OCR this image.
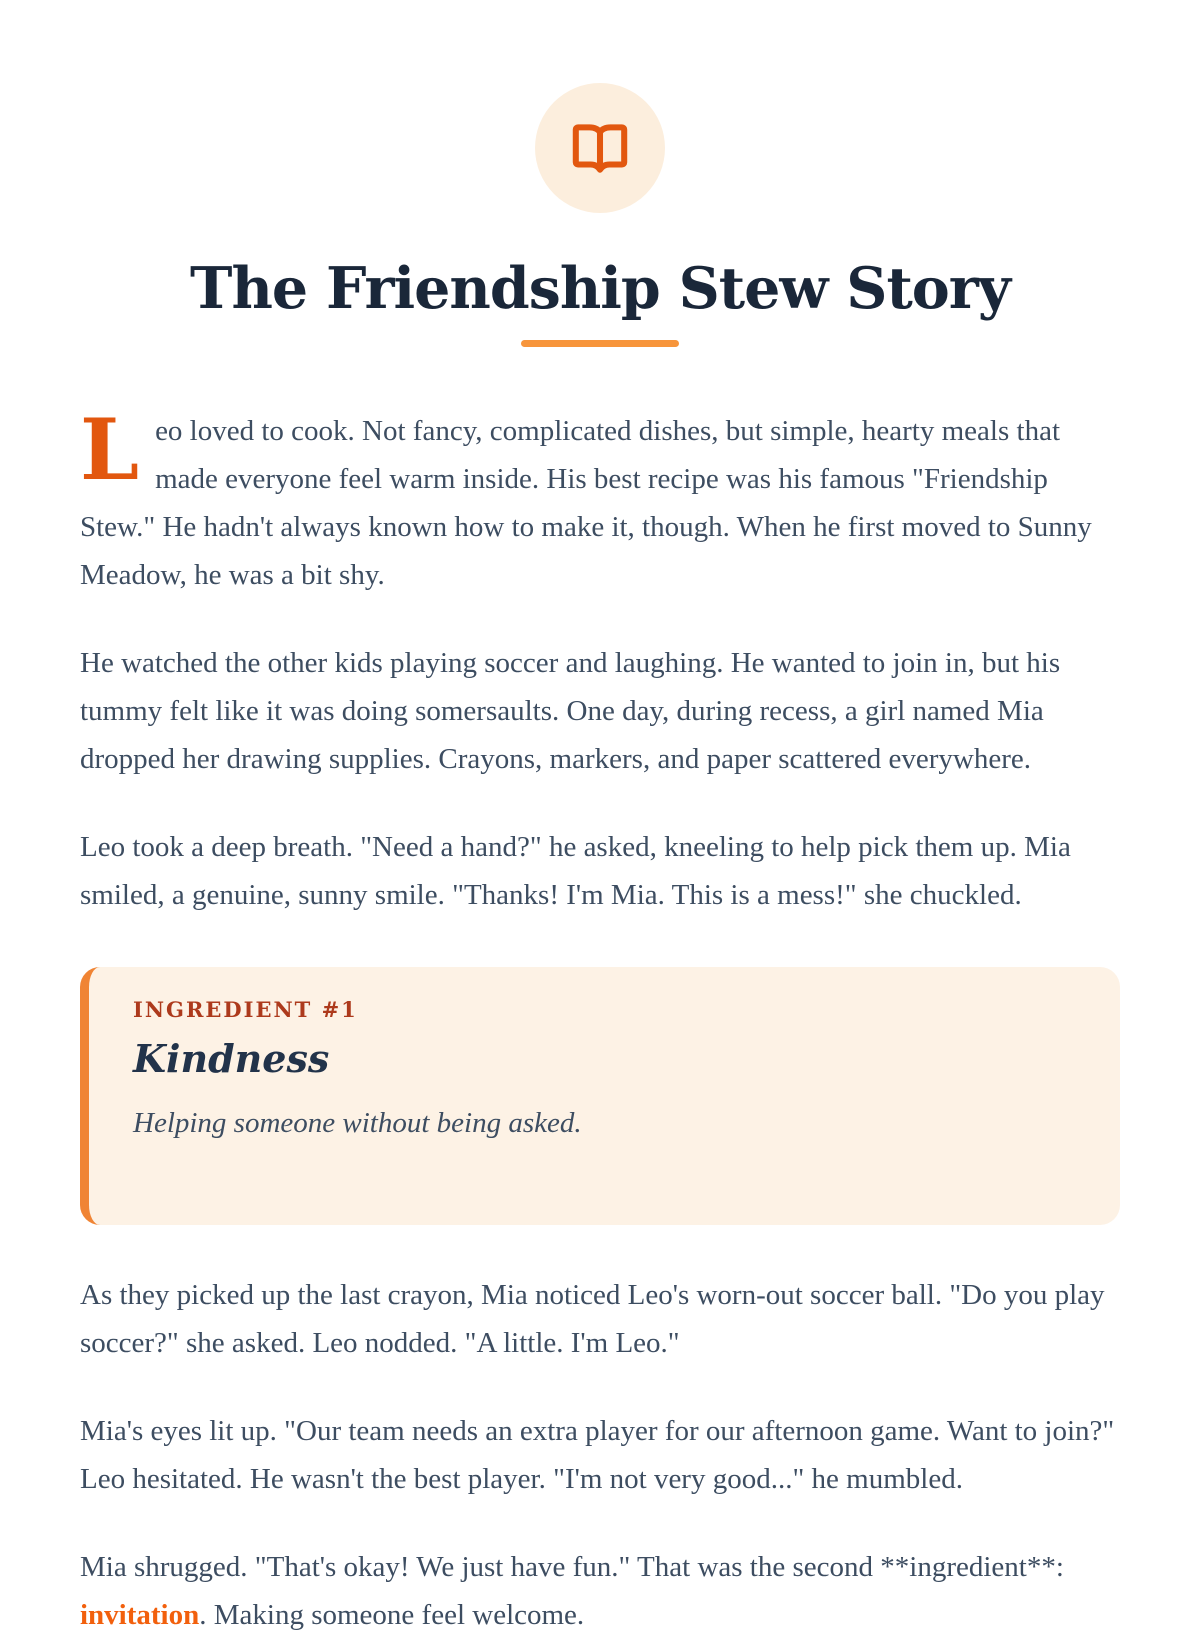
The Friendship Stew Story

Leo loved to cook. Not fancy, complicated dishes, but simple, hearty meals that made everyone feel warm inside. His best recipe was his famous "Friendship Stew." He hadn't always known how to make it, though. When he first moved to Sunny Meadow, he was a bit shy.

He watched the other kids playing soccer and laughing. He wanted to join in, but his tummy felt like it was doing somersaults. One day, during recess, a girl named Mia dropped her drawing supplies. Crayons, markers, and paper scattered everywhere.

Leo took a deep breath. "Need a hand?" he asked, kneeling to help pick them up. Mia smiled, a genuine, sunny smile. "Thanks! I'm Mia. This is a mess!" she chuckled.

INGREDIENT #1
Kindness

Helping someone without being asked.

As they picked up the last crayon, Mia noticed Leo's worn-out soccer ball. "Do you play soccer?" she asked. Leo nodded. "A little. I'm Leo."

Mia's eyes lit up. "Our team needs an extra player for our afternoon game. Want to join?" Leo hesitated. He wasn't the best player. "I'm not very good..." he mumbled.

Mia shrugged. "That's okay! We just have fun." That was the second **ingredient**: invitation. Making someone feel welcome.
